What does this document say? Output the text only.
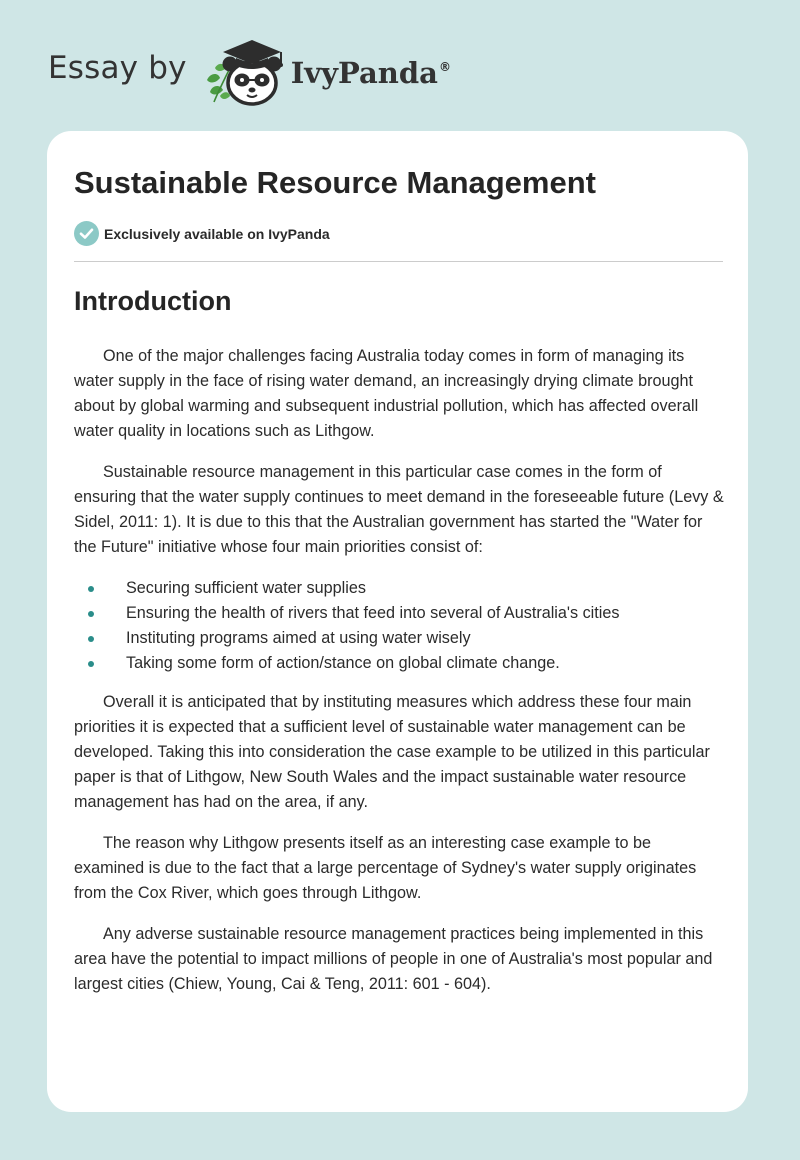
Essay by	IvyPanda®
Sustainable Resource Management
Exclusively available on IvyPanda
Introduction

One of the major challenges facing Australia today comes in form of managing its water supply in the face of rising water demand, an increasingly drying climate brought about by global warming and subsequent industrial pollution, which has affected overall water quality in locations such as Lithgow.

Sustainable resource management in this particular case comes in the form of ensuring that the water supply continues to meet demand in the foreseeable future (Levy & Sidel, 2011: 1). It is due to this that the Australian government has started the "Water for the Future" initiative whose four main priorities consist of:

Securing sufficient water supplies
Ensuring the health of rivers that feed into several of Australia's cities
Instituting programs aimed at using water wisely
Taking some form of action/stance on global climate change.

Overall it is anticipated that by instituting measures which address these four main priorities it is expected that a sufficient level of sustainable water management can be developed. Taking this into consideration the case example to be utilized in this particular paper is that of Lithgow, New South Wales and the impact sustainable water resource management has had on the area, if any.

The reason why Lithgow presents itself as an interesting case example to be examined is due to the fact that a large percentage of Sydney's water supply originates from the Cox River, which goes through Lithgow.

Any adverse sustainable resource management practices being implemented in this area have the potential to impact millions of people in one of Australia's most popular and largest cities (Chiew, Young, Cai & Teng, 2011: 601 - 604).
